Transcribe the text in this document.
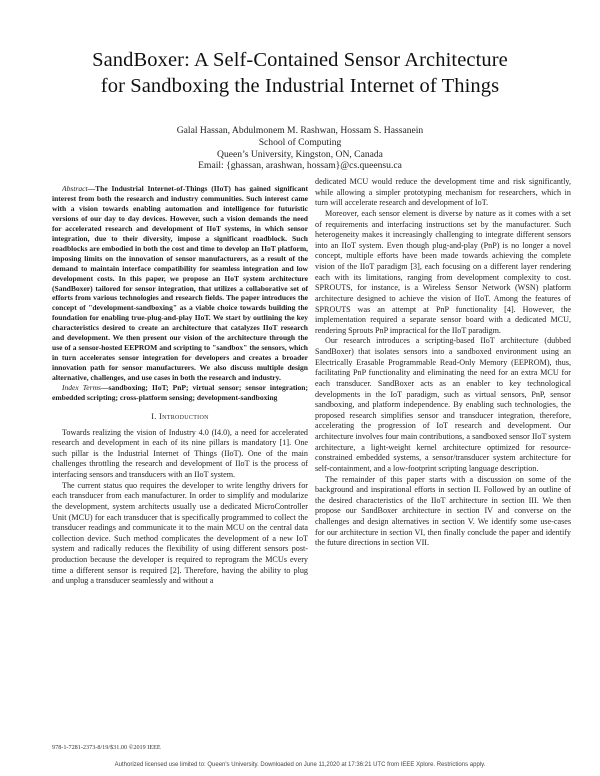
SandBoxer: A Self-Contained Sensor Architecture
for Sandboxing the Industrial Internet of Things
Galal Hassan, Abdulmonem M. Rashwan, Hossam S. Hassanein
School of Computing
Queen’s University, Kingston, ON, Canada
Email: {ghassan, arashwan, hossam}@cs.queensu.ca

Abstract—The Industrial Internet-of-Things (IIoT) has gained significant interest from both the research and industry communities. Such interest came with a vision towards enabling automation and intelligence for futuristic versions of our day to day devices. However, such a vision demands the need for accelerated research and development of IIoT systems, in which sensor integration, due to their diversity, impose a significant roadblock. Such roadblocks are embodied in both the cost and time to develop an IIoT platform, imposing limits on the innovation of sensor manufacturers, as a result of the demand to maintain interface compatibility for seamless integration and low development costs. In this paper, we propose an IIoT system architecture (SandBoxer) tailored for sensor integration, that utilizes a collaborative set of efforts from various technologies and research fields. The paper introduces the concept of "development-sandboxing" as a viable choice towards building the foundation for enabling true-plug-and-play IIoT. We start by outlining the key characteristics desired to create an architecture that catalyzes IIoT research and development. We then present our vision of the architecture through the use of a sensor-hosted EEPROM and scripting to "sandbox" the sensors, which in turn accelerates sensor integration for developers and creates a broader innovation path for sensor manufacturers. We also discuss multiple design alternative, challenges, and use cases in both the research and industry.

Index Terms—sandboxing; IIoT; PnP; virtual sensor; sensor integration; embedded scripting; cross-platform sensing; development-sandboxing

I. Introduction

Towards realizing the vision of Industry 4.0 (I4.0), a need for accelerated research and development in each of its nine pillars is mandatory [1]. One such pillar is the Industrial Internet of Things (IIoT). One of the main challenges throttling the research and development of IIoT is the process of interfacing sensors and transducers with an IIoT system.

The current status quo requires the developer to write lengthy drivers for each transducer from each manufacturer. In order to simplify and modularize the development, system architects usually use a dedicated MicroController Unit (MCU) for each transducer that is specifically programmed to collect the transducer readings and communicate it to the main MCU on the central data collection device. Such method complicates the development of a new IoT system and radically reduces the flexibility of using different sensors post-production because the developer is required to reprogram the MCUs every time a different sensor is required [2]. Therefore, having the ability to plug and unplug a transducer seamlessly and without a

dedicated MCU would reduce the development time and risk significantly, while allowing a simpler prototyping mechanism for researchers, which in turn will accelerate research and development of IoT.

Moreover, each sensor element is diverse by nature as it comes with a set of requirements and interfacing instructions set by the manufacturer. Such heterogeneity makes it increasingly challenging to integrate different sensors into an IIoT system. Even though plug-and-play (PnP) is no longer a novel concept, multiple efforts have been made towards achieving the complete vision of the IIoT paradigm [3], each focusing on a different layer rendering each with its limitations, ranging from development complexity to cost. SPROUTS, for instance, is a Wireless Sensor Network (WSN) platform architecture designed to achieve the vision of IIoT. Among the features of SPROUTS was an attempt at PnP functionality [4]. However, the implementation required a separate sensor board with a dedicated MCU, rendering Sprouts PnP impractical for the IIoT paradigm.

Our research introduces a scripting-based IIoT architecture (dubbed SandBoxer) that isolates sensors into a sandboxed environment using an Electrically Erasable Programmable Read-Only Memory (EEPROM), thus, facilitating PnP functionality and eliminating the need for an extra MCU for each transducer. SandBoxer acts as an enabler to key technological developments in the IoT paradigm, such as virtual sensors, PnP, sensor sandboxing, and platform independence. By enabling such technologies, the proposed research simplifies sensor and transducer integration, therefore, accelerating the progression of IoT research and development. Our architecture involves four main contributions, a sandboxed sensor IIoT system architecture, a light-weight kernel architecture optimized for resource-constrained embedded systems, a sensor/transducer system architecture for self-containment, and a low-footprint scripting language description.

The remainder of this paper starts with a discussion on some of the background and inspirational efforts in section II. Followed by an outline of the desired characteristics of the IIoT architecture in section III. We then propose our SandBoxer architecture in section IV and converse on the challenges and design alternatives in section V. We identify some use-cases for our architecture in section VI, then finally conclude the paper and identify the future directions in section VII.

978-1-7281-2373-8/19/$31.00 ©2019 IEEE
Authorized licensed use limited to: Queen's University. Downloaded on June 11,2020 at 17:36:21 UTC from IEEE Xplore. Restrictions apply.
